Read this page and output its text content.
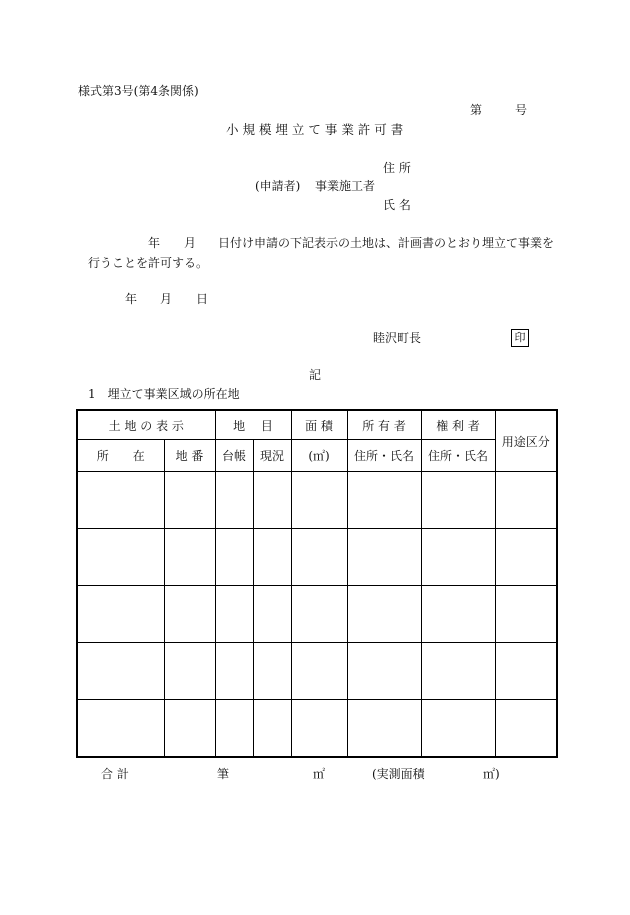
様式第3号(第4条関係)
第	号
小 規 模 埋 立 て 事 業 許 可 書
住 所
(申請者) 事業施工者
氏 名
年 月 日付け申請の下記表示の土地は、計画書のとおり埋立て事業を
行うことを許可する。
年 月 日
睦沢町長	印
記
1　埋立て事業区域の所在地
土 地 の 表 示		地　 目		面 積	所 有 者	権 利 者	用途区分
所　　在	地 番	台帳	現況	(㎡)	住所・氏名	住所・氏名	

合 計	筆	㎡	(実測面積	㎡)
